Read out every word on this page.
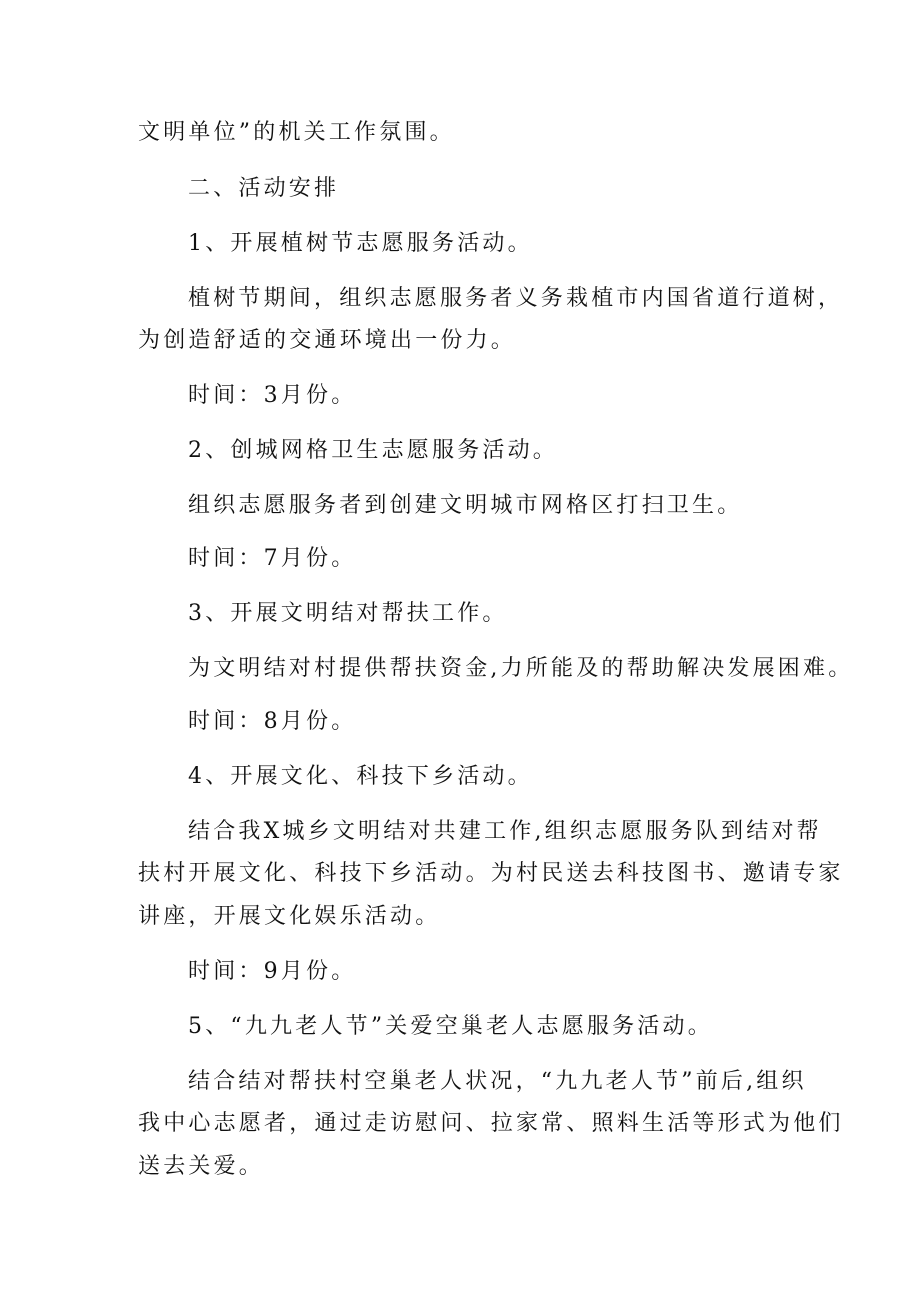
文明单位”的机关工作氛围。
二、活动安排
1、开展植树节志愿服务活动。
植树节期间，组织志愿服务者义务栽植市内国省道行道树，
为创造舒适的交通环境出一份力。
时间：3月份。
2、创城网格卫生志愿服务活动。
组织志愿服务者到创建文明城市网格区打扫卫生。
时间：7月份。
3、开展文明结对帮扶工作。
为文明结对村提供帮扶资金,力所能及的帮助解决发展困难。
时间：8月份。
4、开展文化、科技下乡活动。
结合我X城乡文明结对共建工作,组织志愿服务队到结对帮
扶村开展文化、科技下乡活动。为村民送去科技图书、邀请专家
讲座，开展文化娱乐活动。
时间：9月份。
5、“九九老人节”关爱空巢老人志愿服务活动。
结合结对帮扶村空巢老人状况，“九九老人节”前后,组织
我中心志愿者，通过走访慰问、拉家常、照料生活等形式为他们
送去关爱。
